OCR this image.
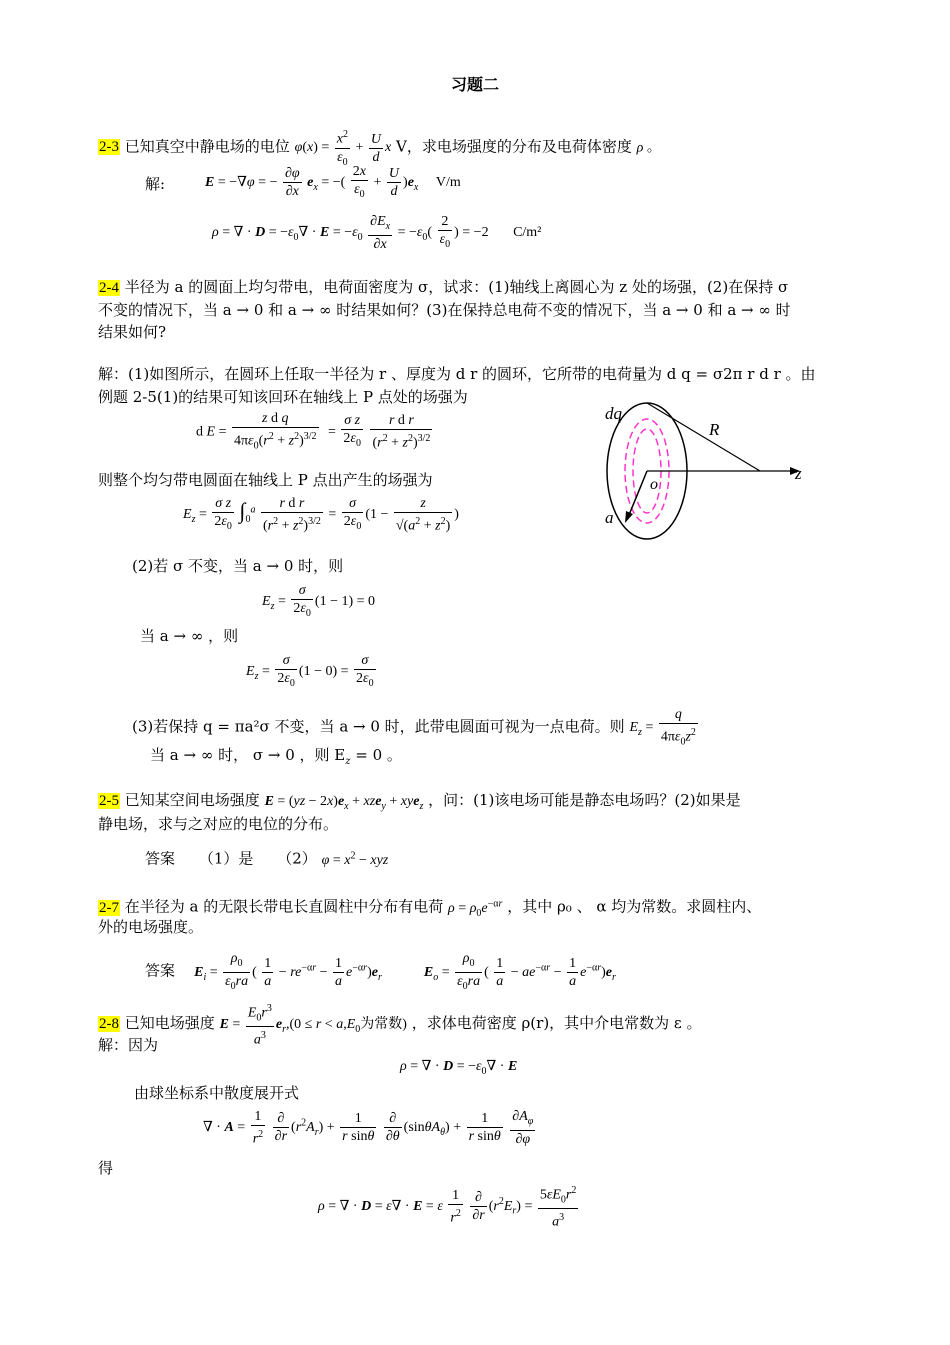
习题二
2-3 已知真空中静电场的电位 $\varphi(x) = \frac{x^2}{\varepsilon_0} + \frac{U}{d}$ x V，求电场强度的分布及电荷体密度 ρ 。
解:	E = −∇φ = − $\frac{\partial\varphi}{\partial x} e_x$ = −( $\frac{2x}{\varepsilon_0} + \frac{U}{d} )e_x$ V/m
ρ = ∇ · $D = -\varepsilon_0\nabla \cdot E = -\varepsilon_0 \frac{\partial E_x}{\partial x} = -\varepsilon_0( \frac{2}{\varepsilon_0}$ ) = −2       C/m²
2-4 半径为 a 的圆面上均匀带电，电荷面密度为 σ，试求：(1)轴线上离圆心为 z 处的场强，(2)在保持 σ
不变的情况下，当 a → 0 和 a → ∞ 时结果如何？(3)在保持总电荷不变的情况下，当 a → 0 和 a → ∞ 时
结果如何?
解：(1)如图所示，在圆环上任取一半径为 r 、厚度为 d r 的圆环，它所带的电荷量为 d q = σ2π r d r 。由
例题 2-5(1)的结果可知该回环在轴线上 P 点处的场强为
d $E = \frac{\text{z d q}}{4\pi\varepsilon_0(r^2 + z^2)^{3/2}} = \frac{\text{σ z}}{2\varepsilon_0}$
$\frac{\text{r d r}}{(r^2 + z^2)^{3/2}}$
则整个均匀带电圆面在轴线上 P 点出产生的场强为
$E_z = \frac{\text{σ z}}{2\varepsilon_0} \int_0^a \frac{\text{r d r}}{(r^2 + z^2)^{3/2}} = \frac{\sigma}{2\varepsilon_0} (1 - \frac{z}{√(a^2 + z^2)}$ )
(2)若 σ 不变，当 a → 0 时，则
$E_z = \frac{\sigma}{2\varepsilon_0} (1 - 1) = 0$
当 a → ∞ ，则
$E_z = \frac{\sigma}{2\varepsilon_0} (1 - 0) = \frac{\sigma}{2\varepsilon_0}$
(3)若保持 q = πa²σ 不变，当 a → 0 时，此带电圆面可视为一点电荷。则 $E_z = \frac{q}{4\pi\varepsilon_0z^2}$
当 a → ∞ 时， σ → 0 ，则 $E_z = 0$ 。
dq
R
z
o
a
2-5 已知某空间电场强度 $E = (yz - 2x)e_x + xze_y + xye_z$ ，问：(1)该电场可能是静态电场吗？(2)如果是
静电场，求与之对应的电位的分布。
答案 （1）是 （2） $\varphi = x^2$ − xyz
2-7 在半径为 a 的无限长带电长直圆柱中分布有电荷 $\rho = \rho_0e^{-\alpha r}$ ，其中 ρ₀ 、 α 均为常数。求圆柱内、
外的电场强度。
答案 $E_i = \frac{\rho_0}{\varepsilon_0ra}$ ( $\frac{1}{a} - re^{-\alpha r} - \frac{1}{a} e^{-\alpha r})e_r$	$E_o = \frac{\rho_0}{\varepsilon_0ra}$ ( $\frac{1}{a} - ae^{-\alpha r} - \frac{1}{a} e^{-\alpha r})e_r$
2-8 已知电场强度 $E = \frac{E_0r^3}{a^3} e_r,(0 \le r < a,E_0$为常数) ，求体电荷密度 ρ(r)，其中介电常数为 ε 。
解：因为
ρ = ∇ · $D = -\varepsilon_0\nabla \cdot E$
由球坐标系中散度展开式
∇ · $A = \frac{1}{r^2}$
$\frac{\partial}{\partial r} (r^2A_r) + \frac{1}{\text{r sinθ}}$
$\frac{\partial}{\partial\theta} (\sin\theta A_\theta) + \frac{1}{\text{r sinθ}}$
$\frac{\partial A_\varphi}{\partial\varphi}$
得
ρ = ∇ · D = ε∇ · E = ε $\frac{1}{r^2}$
$\frac{\partial}{\partial r} (r^2E_r) = \frac{5\varepsilon E_0r^2}{a^3}$
